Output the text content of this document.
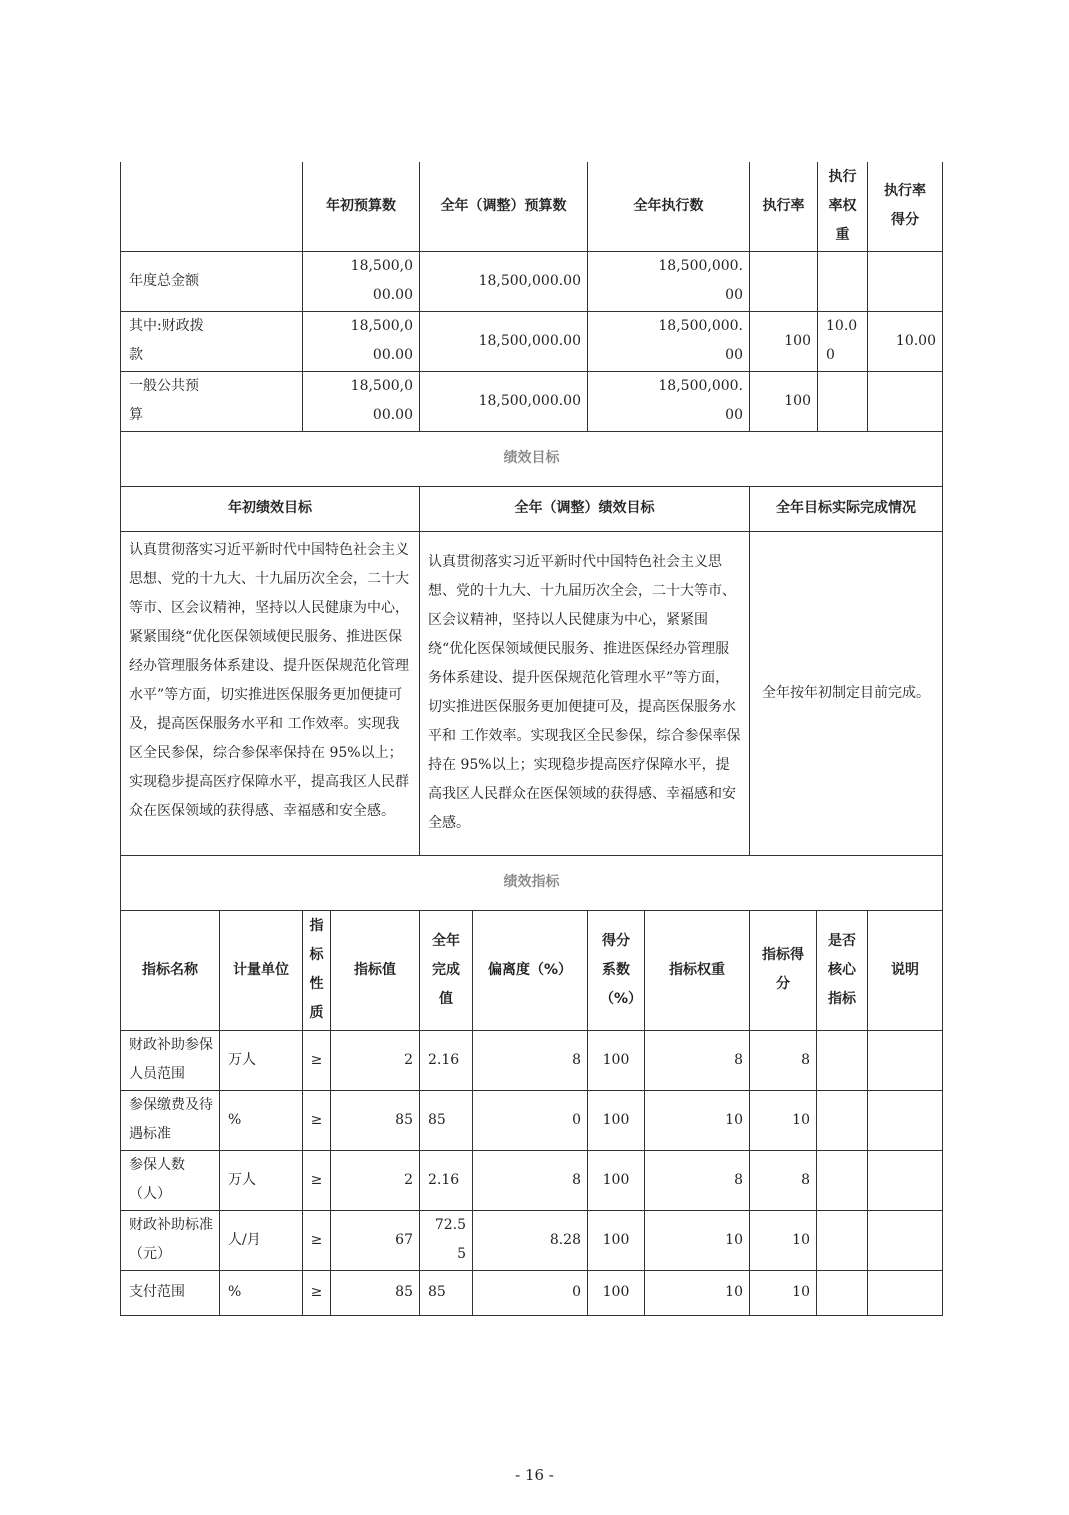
	年初预算数	全年（调整）预算数	全年执行数	执行率	执行率权重	执行率得分
年度总金额	18,500,000.00	18,500,000.00	18,500,000.00			
其中:财政拨款	18,500,000.00	18,500,000.00	18,500,000.00	100	10.00	10.00
一般公共预算	18,500,000.00	18,500,000.00	18,500,000.00	100		
绩效目标						
年初绩效目标		全年（调整）绩效目标		全年目标实际完成情况		
认真贯彻落实习近平新时代中国特色社会主义思想、党的十九大、十九届历次全会，二十大等市、区会议精神，坚持以人民健康为中心，紧紧围绕“优化医保领域便民服务、推进医保经办管理服务体系建设、提升医保规范化管理水平”等方面，切实推进医保服务更加便捷可及，提高医保服务水平和 工作效率。实现我区全民参保，综合参保率保持在 95%以上；实现稳步提高医疗保障水平，提高我区人民群众在医保领域的获得感、幸福感和安全感。		认真贯彻落实习近平新时代中国特色社会主义思想、党的十九大、十九届历次全会，二十大等市、区会议精神，坚持以人民健康为中心，紧紧围绕“优化医保领域便民服务、推进医保经办管理服务体系建设、提升医保规范化管理水平”等方面，切实推进医保服务更加便捷可及，提高医保服务水平和 工作效率。实现我区全民参保，综合参保率保持在 95%以上；实现稳步提高医疗保障水平，提高我区人民群众在医保领域的获得感、幸福感和安全感。		全年按年初制定目前完成。		
绩效指标						
指标名称	计量单位	指标性质	指标值	全年完成值	偏离度（%）	得分系数（%）	指标权重	指标得分	是否核心指标	说明
财政补助参保人员范围	万人	≥	2	2.16	8	100	8	8		
参保缴费及待遇标准	%	≥	85	85	0	100	10	10		
参保人数（人）	万人	≥	2	2.16	8	100	8	8		
财政补助标准（元）	人/月	≥	67	72.55	8.28	100	10	10		
支付范围	%	≥	85	85	0	100	10	10		
- 16 -
